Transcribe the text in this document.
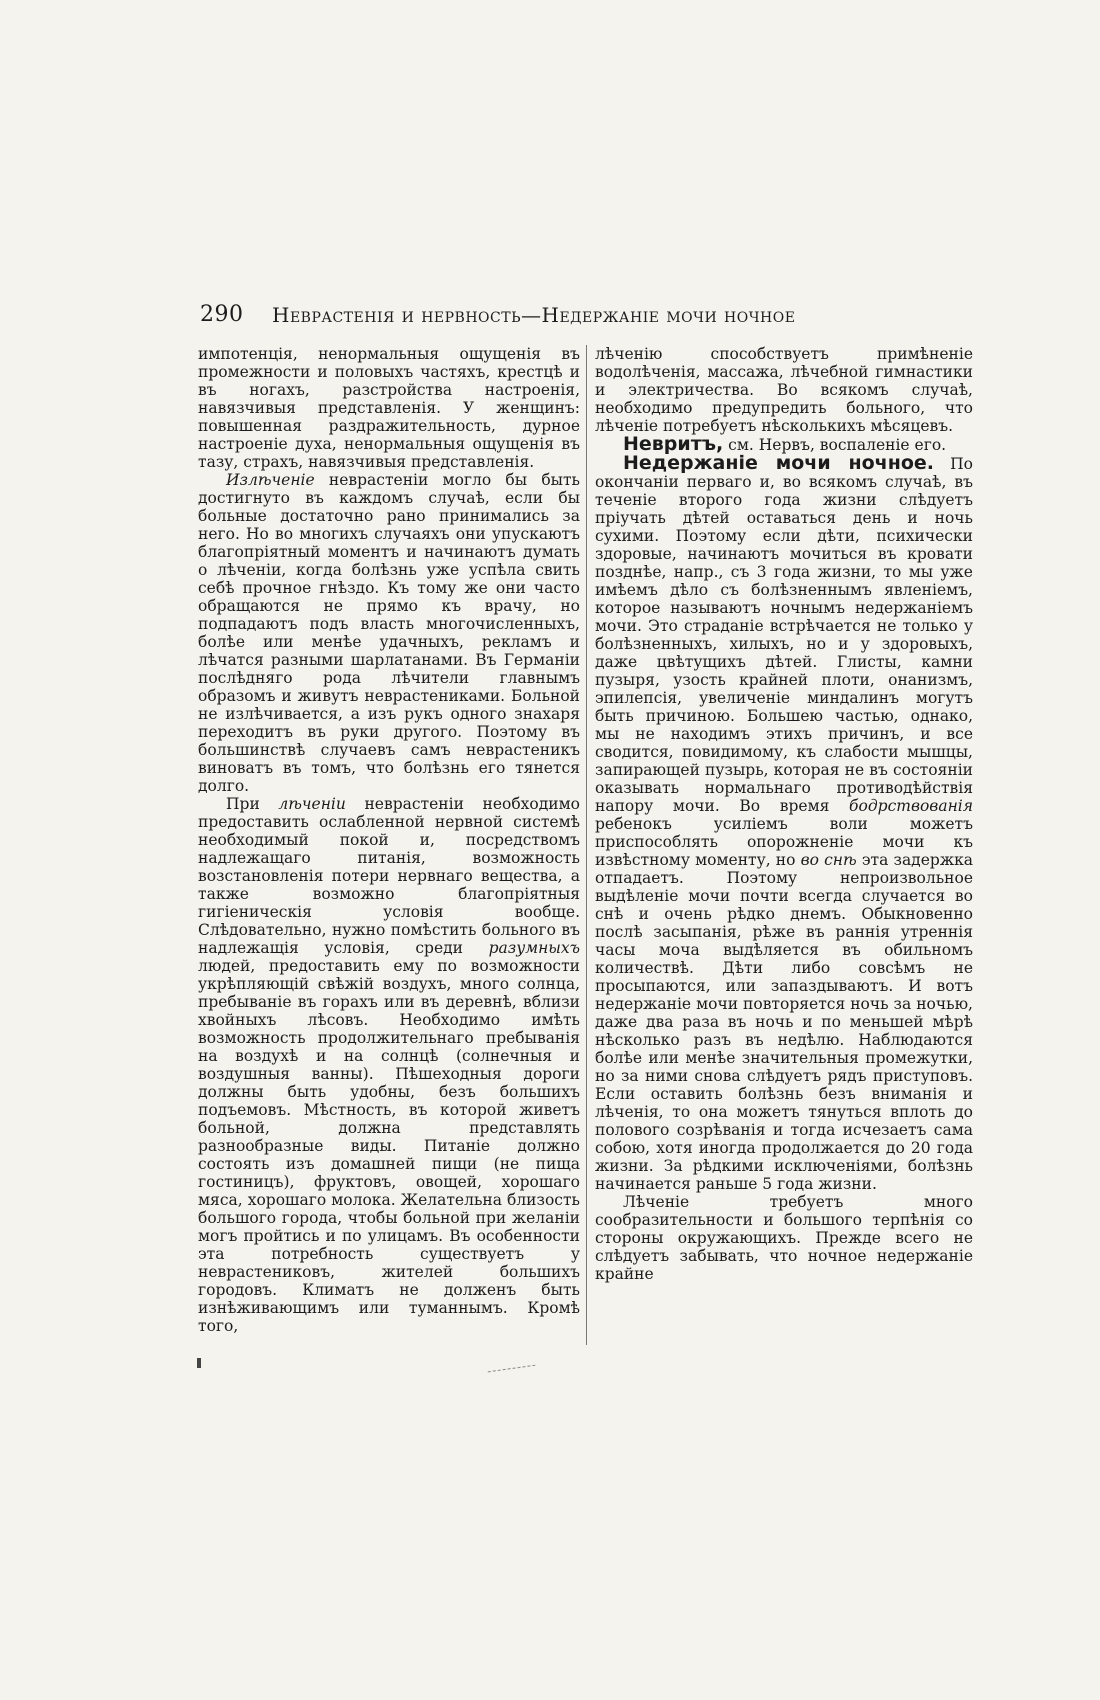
290 Неврастенія и нервность—Недержаніе мочи ночное

импотенція, ненормальныя ощущенія въ промежности и половыхъ частяхъ, крестцѣ и въ ногахъ, разстройства настроенія, навязчивыя представленія. У женщинъ: повышенная раздражительность, дурное настроеніе духа, ненормальныя ощущенія въ тазу, страхъ, навязчивыя представленія.

Излѣченіе неврастеніи могло бы быть достигнуто въ каждомъ случаѣ, если бы больные достаточно рано принимались за него. Но во многихъ случаяхъ они упускаютъ благопріятный моментъ и начинаютъ думать о лѣченіи, когда болѣзнь уже успѣла свить себѣ прочное гнѣздо. Къ тому же они часто обращаются не прямо къ врачу, но подпадаютъ подъ власть многочисленныхъ, болѣе или менѣе удачныхъ, рекламъ и лѣчатся разными шарлатанами. Въ Германіи послѣдняго рода лѣчители главнымъ образомъ и живутъ неврастениками. Больной не излѣчивается, а изъ рукъ одного знахаря переходитъ въ руки другого. Поэтому въ большинствѣ случаевъ самъ неврастеникъ виноватъ въ томъ, что болѣзнь его тянется долго.

При лѣченіи неврастеніи необходимо предоставить ослабленной нервной системѣ необходимый покой и, посредствомъ надлежащаго питанія, возможность возстановленія потери нервнаго вещества, а также возможно благопріятныя гигіеническія условія вообще. Слѣдовательно, нужно помѣстить больного въ надлежащія условія, среди разумныхъ людей, предоставить ему по возможности укрѣпляющій свѣжій воздухъ, много солнца, пребываніе въ горахъ или въ деревнѣ, вблизи хвойныхъ лѣсовъ. Необходимо имѣть возможность продолжительнаго пребыванія на воздухѣ и на солнцѣ (солнечныя и воздушныя ванны). Пѣшеходныя дороги должны быть удобны, безъ большихъ подъемовъ. Мѣстность, въ которой живетъ больной, должна представлять разнообразные виды. Питаніе должно состоять изъ домашней пищи (не пища гостиницъ), фруктовъ, овощей, хорошаго мяса, хорошаго молока. Желательна близость большого города, чтобы больной при желаніи могъ пройтись и по улицамъ. Въ особенности эта потребность существуетъ у неврастениковъ, жителей большихъ городовъ. Климатъ не долженъ быть изнѣживающимъ или туманнымъ. Кромѣ того,

лѣченію способствуетъ примѣненіе водолѣченія, массажа, лѣчебной гимнастики и электричества. Во всякомъ случаѣ, необходимо предупредить больного, что лѣченіе потребуетъ нѣсколькихъ мѣсяцевъ.

Невритъ, см. Нервъ, воспаленіе его.

Недержаніе мочи ночное. По окончаніи перваго и, во всякомъ случаѣ, въ теченіе второго года жизни слѣдуетъ пріучать дѣтей оставаться день и ночь сухими. Поэтому если дѣти, психически здоровые, начинаютъ мочиться въ кровати позднѣе, напр., съ 3 года жизни, то мы уже имѣемъ дѣло съ болѣзненнымъ явленіемъ, которое называютъ ночнымъ недержаніемъ мочи. Это страданіе встрѣчается не только у болѣзненныхъ, хилыхъ, но и у здоровыхъ, даже цвѣтущихъ дѣтей. Глисты, камни пузыря, узость крайней плоти, онанизмъ, эпилепсія, увеличеніе миндалинъ могутъ быть причиною. Большею частью, однако, мы не находимъ этихъ причинъ, и все сводится, повидимому, къ слабости мышцы, запирающей пузырь, которая не въ состояніи оказывать нормальнаго противодѣйствія напору мочи. Во время бодрствованія ребенокъ усиліемъ воли можетъ приспособлять опорожненіе мочи къ извѣстному моменту, но во снѣ эта задержка отпадаетъ. Поэтому непроизвольное выдѣленіе мочи почти всегда случается во снѣ и очень рѣдко днемъ. Обыкновенно послѣ засыпанія, рѣже въ раннія утреннія часы моча выдѣляется въ обильномъ количествѣ. Дѣти либо совсѣмъ не просыпаются, или запаздываютъ. И вотъ недержаніе мочи повторяется ночь за ночью, даже два раза въ ночь и по меньшей мѣрѣ нѣсколько разъ въ недѣлю. Наблюдаются болѣе или менѣе значительныя промежутки, но за ними снова слѣдуетъ рядъ приступовъ. Если оставить болѣзнь безъ вниманія и лѣченія, то она можетъ тянуться вплоть до полового созрѣванія и тогда исчезаетъ сама собою, хотя иногда продолжается до 20 года жизни. За рѣдкими исключеніями, болѣзнь начинается раньше 5 года жизни.

Лѣченіе требуетъ много сообразительности и большого терпѣнія со стороны окружающихъ. Прежде всего не слѣдуетъ забывать, что ночное недержаніе крайне
